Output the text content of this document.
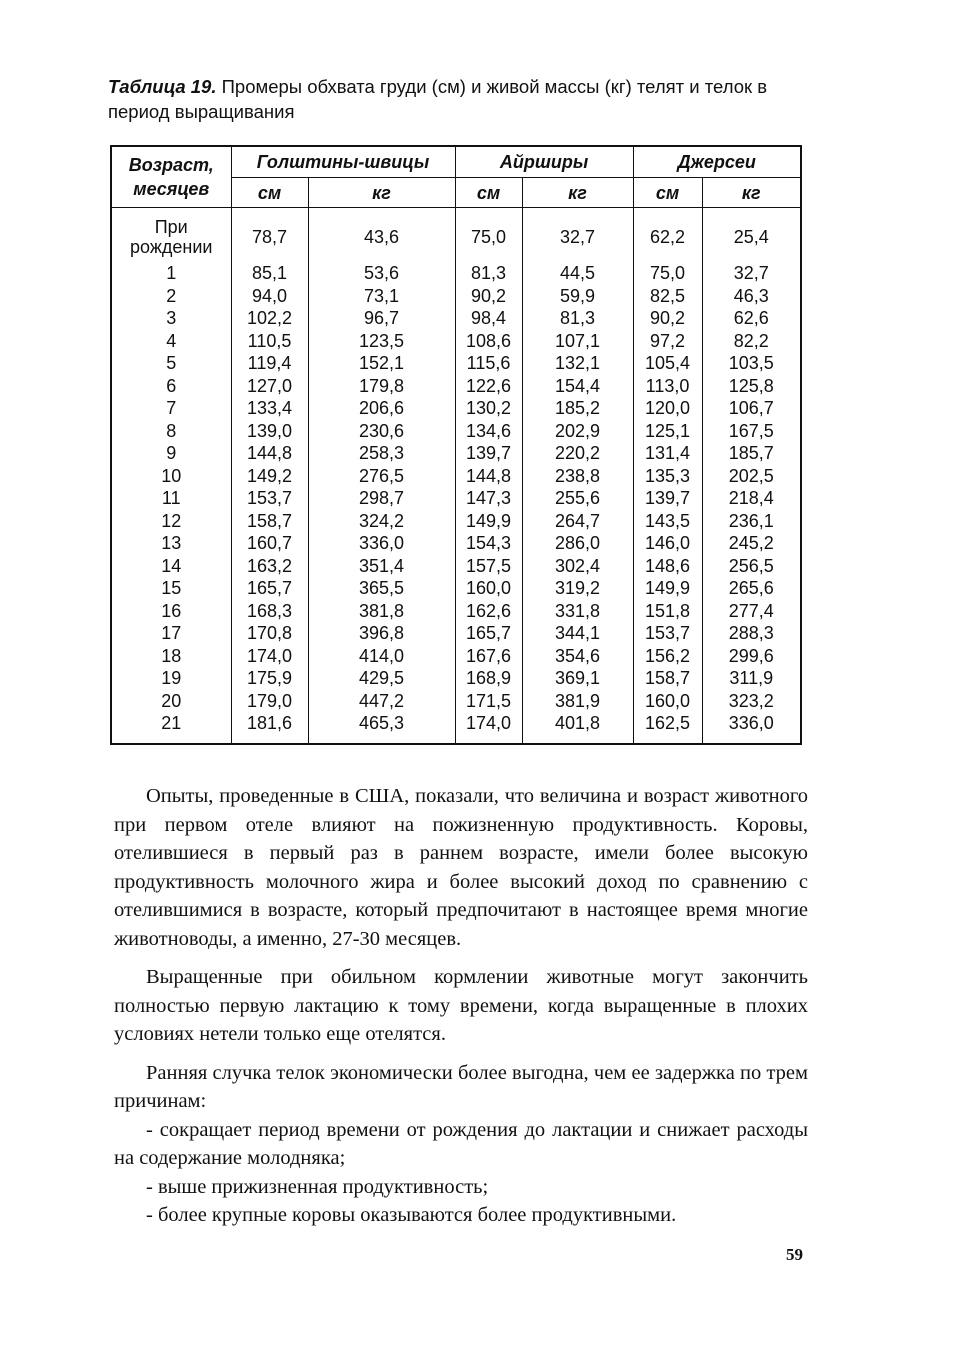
Таблица 19. Промеры обхвата груди (см) и живой массы (кг) телят и телок в период выращивания
Возраст,
месяцев	Голштины-швицы		Айрширы		Джерсеи	
	см	кг	см	кг	см	кг
При
рождении	78,7	43,6	75,0	32,7	62,2	25,4
1	85,1	53,6	81,3	44,5	75,0	32,7
2	94,0	73,1	90,2	59,9	82,5	46,3
3	102,2	96,7	98,4	81,3	90,2	62,6
4	110,5	123,5	108,6	107,1	97,2	82,2
5	119,4	152,1	115,6	132,1	105,4	103,5
6	127,0	179,8	122,6	154,4	113,0	125,8
7	133,4	206,6	130,2	185,2	120,0	106,7
8	139,0	230,6	134,6	202,9	125,1	167,5
9	144,8	258,3	139,7	220,2	131,4	185,7
10	149,2	276,5	144,8	238,8	135,3	202,5
11	153,7	298,7	147,3	255,6	139,7	218,4
12	158,7	324,2	149,9	264,7	143,5	236,1
13	160,7	336,0	154,3	286,0	146,0	245,2
14	163,2	351,4	157,5	302,4	148,6	256,5
15	165,7	365,5	160,0	319,2	149,9	265,6
16	168,3	381,8	162,6	331,8	151,8	277,4
17	170,8	396,8	165,7	344,1	153,7	288,3
18	174,0	414,0	167,6	354,6	156,2	299,6
19	175,9	429,5	168,9	369,1	158,7	311,9
20	179,0	447,2	171,5	381,9	160,0	323,2
21	181,6	465,3	174,0	401,8	162,5	336,0

Опыты, проведенные в США, показали, что величина и возраст животного при первом отеле влияют на пожизненную продуктивность. Коровы, отелившиеся в первый раз в раннем возрасте, имели более высокую продуктивность молочного жира и более высокий доход по сравнению с отелившимися в возрасте, который предпочитают в настоящее время многие животноводы, а именно, 27-30 месяцев.

Выращенные при обильном кормлении животные могут закончить полностью первую лактацию к тому времени, когда выращенные в плохих условиях нетели только еще отелятся.

Ранняя случка телок экономически более выгодна, чем ее задержка по трем причинам:

- сокращает период времени от рождения до лактации и снижает расходы на содержание молодняка;

- выше прижизненная продуктивность;

- более крупные коровы оказываются более продуктивными.

59
